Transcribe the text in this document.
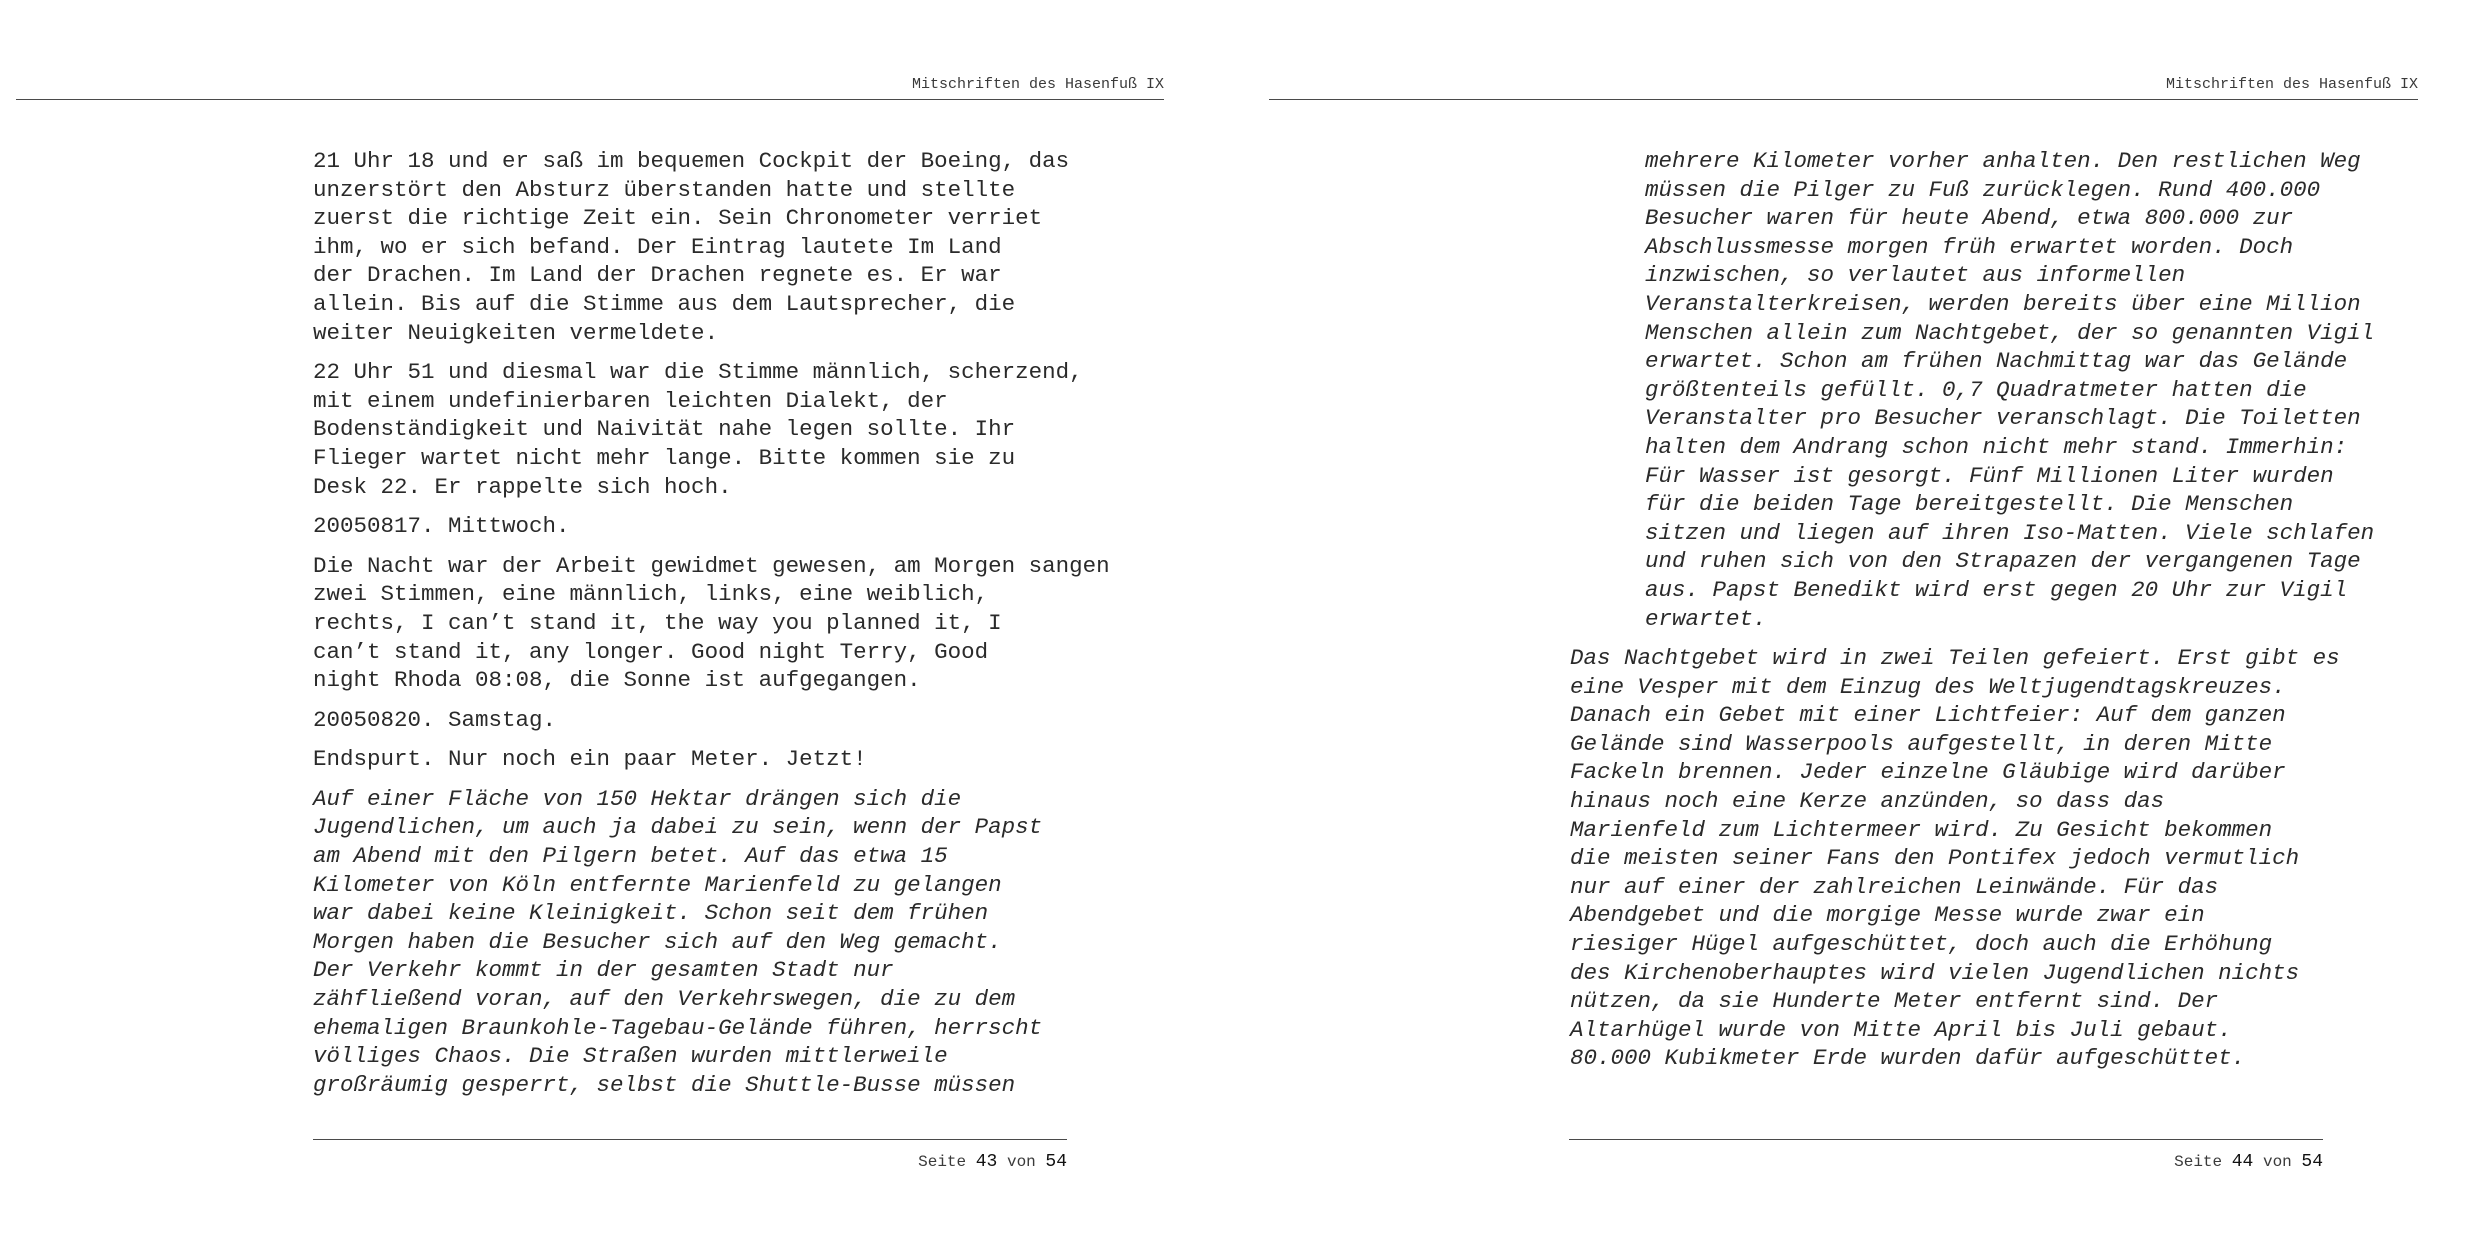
Mitschriften des Hasenfuß IX

21 Uhr 18 und er saß im bequemen Cockpit der Boeing, das
unzerstört den Absturz überstanden hatte und stellte
zuerst die richtige Zeit ein. Sein Chronometer verriet
ihm, wo er sich befand. Der Eintrag lautete Im Land
der Drachen. Im Land der Drachen regnete es. Er war
allein. Bis auf die Stimme aus dem Lautsprecher, die
weiter Neuigkeiten vermeldete.

22 Uhr 51 und diesmal war die Stimme männlich, scherzend,
mit einem undefinierbaren leichten Dialekt, der
Bodenständigkeit und Naivität nahe legen sollte. Ihr
Flieger wartet nicht mehr lange. Bitte kommen sie zu
Desk 22. Er rappelte sich hoch.

20050817. Mittwoch.

Die Nacht war der Arbeit gewidmet gewesen, am Morgen sangen
zwei Stimmen, eine männlich, links, eine weiblich,
rechts, I can’t stand it, the way you planned it, I
can’t stand it, any longer. Good night Terry, Good
night Rhoda 08:08, die Sonne ist aufgegangen.

20050820. Samstag.

Endspurt. Nur noch ein paar Meter. Jetzt!

Auf einer Fläche von 150 Hektar drängen sich die
Jugendlichen, um auch ja dabei zu sein, wenn der Papst
am Abend mit den Pilgern betet. Auf das etwa 15
Kilometer von Köln entfernte Marienfeld zu gelangen
war dabei keine Kleinigkeit. Schon seit dem frühen
Morgen haben die Besucher sich auf den Weg gemacht.
Der Verkehr kommt in der gesamten Stadt nur
zähfließend voran, auf den Verkehrswegen, die zu dem
ehemaligen Braunkohle-Tagebau-Gelände führen, herrscht
völliges Chaos. Die Straßen wurden mittlerweile
großräumig gesperrt, selbst die Shuttle-Busse müssen

Seite 43 von 54
Mitschriften des Hasenfuß IX

mehrere Kilometer vorher anhalten. Den restlichen Weg
müssen die Pilger zu Fuß zurücklegen. Rund 400.000
Besucher waren für heute Abend, etwa 800.000 zur
Abschlussmesse morgen früh erwartet worden. Doch
inzwischen, so verlautet aus informellen
Veranstalterkreisen, werden bereits über eine Million
Menschen allein zum Nachtgebet, der so genannten Vigil
erwartet. Schon am frühen Nachmittag war das Gelände
größtenteils gefüllt. 0,7 Quadratmeter hatten die
Veranstalter pro Besucher veranschlagt. Die Toiletten
halten dem Andrang schon nicht mehr stand. Immerhin:
Für Wasser ist gesorgt. Fünf Millionen Liter wurden
für die beiden Tage bereitgestellt. Die Menschen
sitzen und liegen auf ihren Iso-Matten. Viele schlafen
und ruhen sich von den Strapazen der vergangenen Tage
aus. Papst Benedikt wird erst gegen 20 Uhr zur Vigil
erwartet.

Das Nachtgebet wird in zwei Teilen gefeiert. Erst gibt es
eine Vesper mit dem Einzug des Weltjugendtagskreuzes.
Danach ein Gebet mit einer Lichtfeier: Auf dem ganzen
Gelände sind Wasserpools aufgestellt, in deren Mitte
Fackeln brennen. Jeder einzelne Gläubige wird darüber
hinaus noch eine Kerze anzünden, so dass das
Marienfeld zum Lichtermeer wird. Zu Gesicht bekommen
die meisten seiner Fans den Pontifex jedoch vermutlich
nur auf einer der zahlreichen Leinwände. Für das
Abendgebet und die morgige Messe wurde zwar ein
riesiger Hügel aufgeschüttet, doch auch die Erhöhung
des Kirchenoberhauptes wird vielen Jugendlichen nichts
nützen, da sie Hunderte Meter entfernt sind. Der
Altarhügel wurde von Mitte April bis Juli gebaut.
80.000 Kubikmeter Erde wurden dafür aufgeschüttet.

Seite 44 von 54
